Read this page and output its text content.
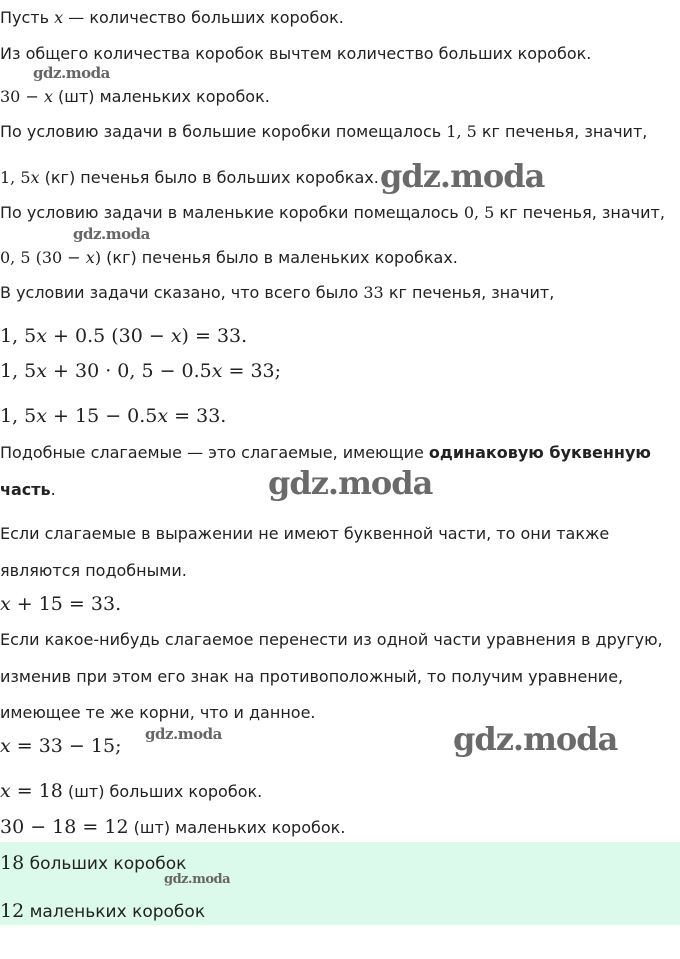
Пусть x — количество больших коробок.
Из общего количества коробок вычтем количество больших коробок.
30 − x (шт) маленьких коробок.
По условию задачи в большие коробки помещалось 1, 5 кг печенья, значит,
1, 5x (кг) печенья было в больших коробках.
По условию задачи в маленькие коробки помещалось 0, 5 кг печенья, значит,
0, 5 (30 − x) (кг) печенья было в маленьких коробках.
В условии задачи сказано, что всего было 33 кг печенья, значит,
1, 5x + 0.5 (30 − x) = 33.
1, 5x + 30 · 0, 5 − 0.5x = 33;
1, 5x + 15 − 0.5x = 33.
Подобные слагаемые — это слагаемые, имеющие одинаковую буквенную
часть.
Если слагаемые в выражении не имеют буквенной части, то они также
являются подобными.
x + 15 = 33.
Если какое-нибудь слагаемое перенести из одной части уравнения в другую,
изменив при этом его знак на противоположный, то получим уравнение,
имеющее те же корни, что и данное.
x = 33 − 15;
x = 18 (шт) больших коробок.
30 − 18 = 12 (шт) маленьких коробок.
18 больших коробок
12 маленьких коробок
gdz.moda
gdz.moda
gdz.moda
gdz.moda
gdz.moda	gdz.moda
gdz.moda
